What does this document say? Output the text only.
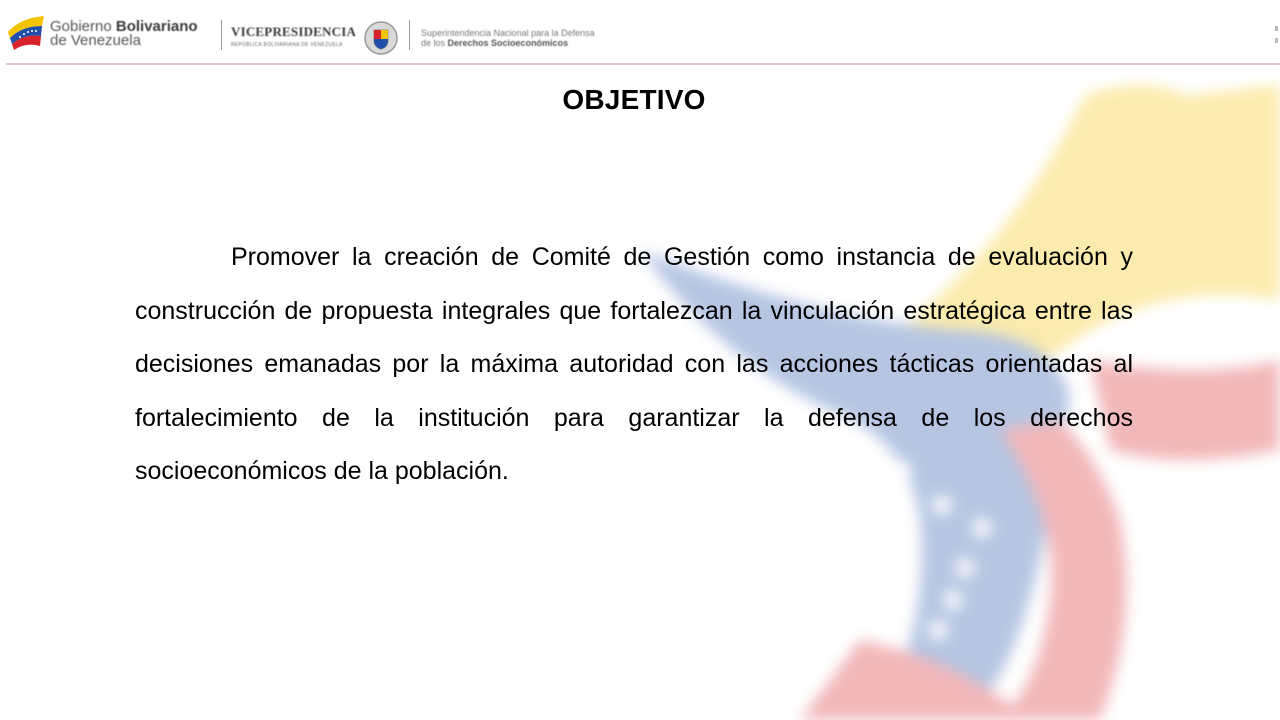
Gobierno Bolivariano
de Venezuela
VICEPRESIDENCIA
REPÚBLICA BOLIVARIANA DE VENEZUELA
Superintendencia Nacional para la Defensa
de los Derechos Socioeconómicos
OBJETIVO

Promover la creación de Comité de Gestión como instancia de evaluación y construcción de propuesta integrales que fortalezcan la vinculación estratégica entre las decisiones emanadas por la máxima autoridad con las acciones tácticas orientadas al fortalecimiento de la institución para garantizar la defensa de los derechos socioeconómicos de la población.
